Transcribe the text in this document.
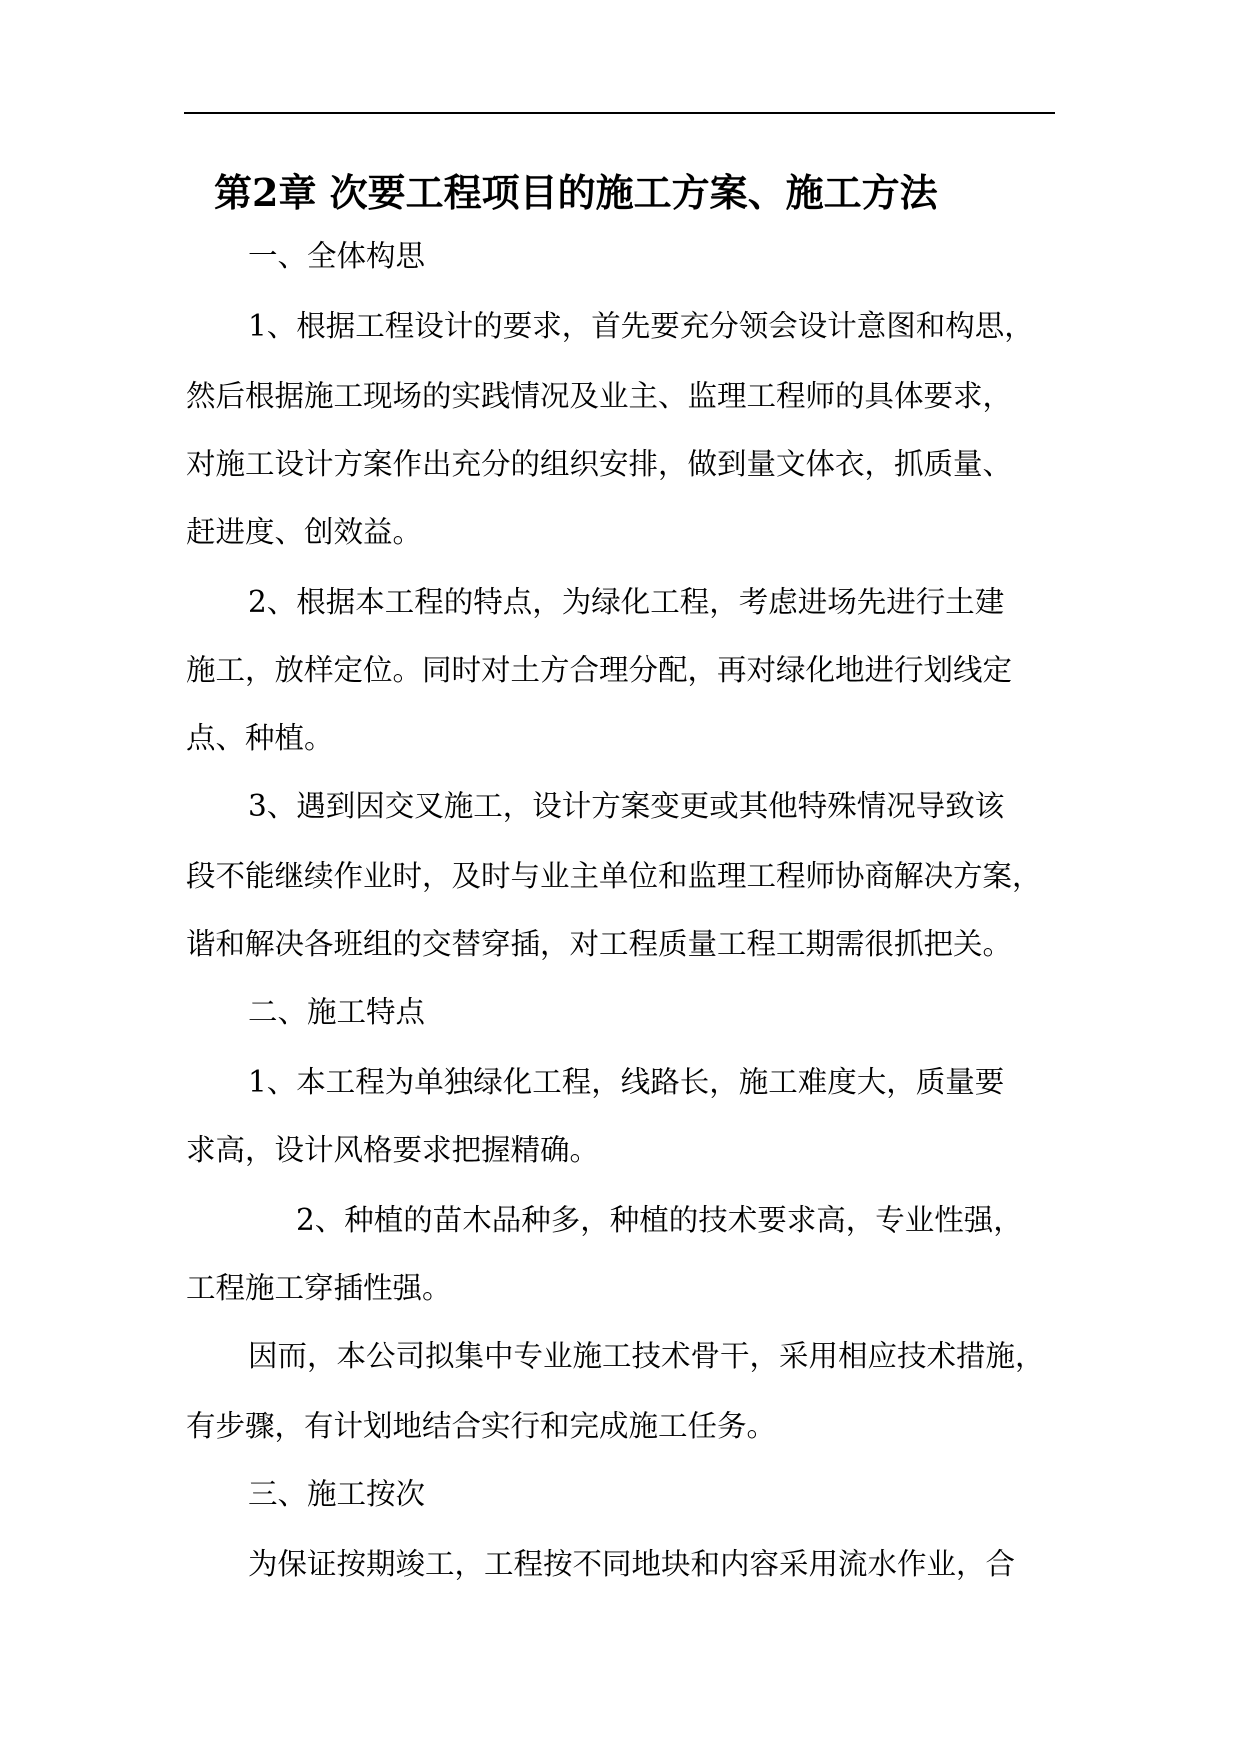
第2章 次要工程项目的施工方案、施工方法
一、全体构思
1、根据工程设计的要求，首先要充分领会设计意图和构思，
然后根据施工现场的实践情况及业主、监理工程师的具体要求，
对施工设计方案作出充分的组织安排，做到量文体衣，抓质量、
赶进度、创效益。
2、根据本工程的特点，为绿化工程，考虑进场先进行土建
施工，放样定位。同时对土方合理分配，再对绿化地进行划线定
点、种植。
3、遇到因交叉施工，设计方案变更或其他特殊情况导致该
段不能继续作业时，及时与业主单位和监理工程师协商解决方案，
谐和解决各班组的交替穿插，对工程质量工程工期需很抓把关。
二、施工特点
1、本工程为单独绿化工程，线路长，施工难度大，质量要
求高，设计风格要求把握精确。
2、种植的苗木品种多，种植的技术要求高，专业性强，
工程施工穿插性强。
因而，本公司拟集中专业施工技术骨干，采用相应技术措施，
有步骤，有计划地结合实行和完成施工任务。
三、施工按次
为保证按期竣工，工程按不同地块和内容采用流水作业，合
